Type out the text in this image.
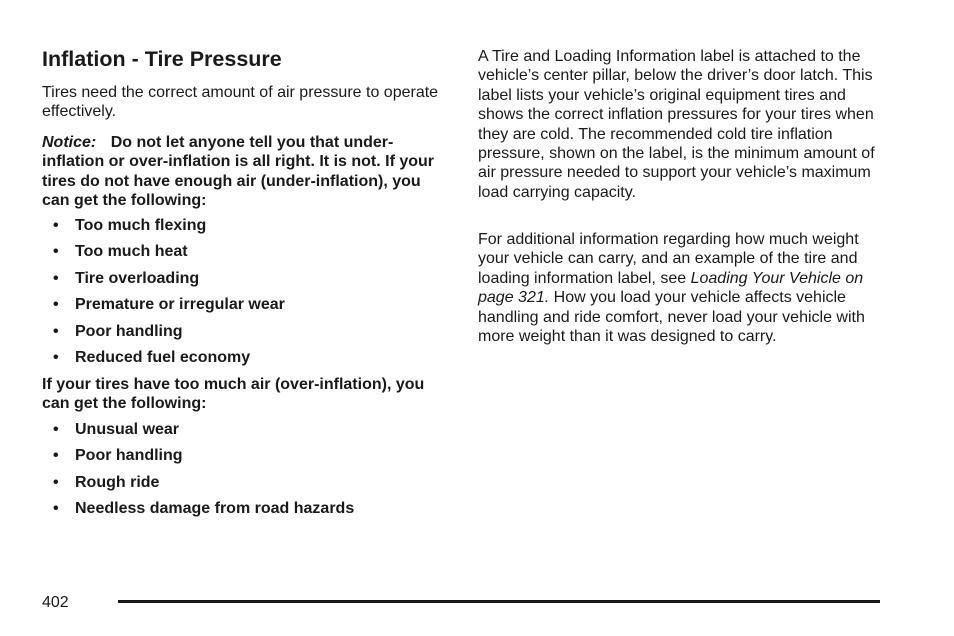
Inflation - Tire Pressure

Tires need the correct amount of air pressure to operate effectively.

Notice: Do not let anyone tell you that under-inflation or over-inflation is all right. It is not. If your tires do not have enough air (under-inflation), you can get the following:

• Too much flexing
• Too much heat
• Tire overloading
• Premature or irregular wear
• Poor handling
• Reduced fuel economy

If your tires have too much air (over-inflation), you can get the following:

• Unusual wear
• Poor handling
• Rough ride
• Needless damage from road hazards

A Tire and Loading Information label is attached to the vehicle’s center pillar, below the driver’s door latch. This label lists your vehicle’s original equipment tires and shows the correct inflation pressures for your tires when they are cold. The recommended cold tire inflation pressure, shown on the label, is the minimum amount of air pressure needed to support your vehicle’s maximum load carrying capacity.

For additional information regarding how much weight your vehicle can carry, and an example of the tire and loading information label, see Loading Your Vehicle on page 321. How you load your vehicle affects vehicle handling and ride comfort, never load your vehicle with more weight than it was designed to carry.

402
